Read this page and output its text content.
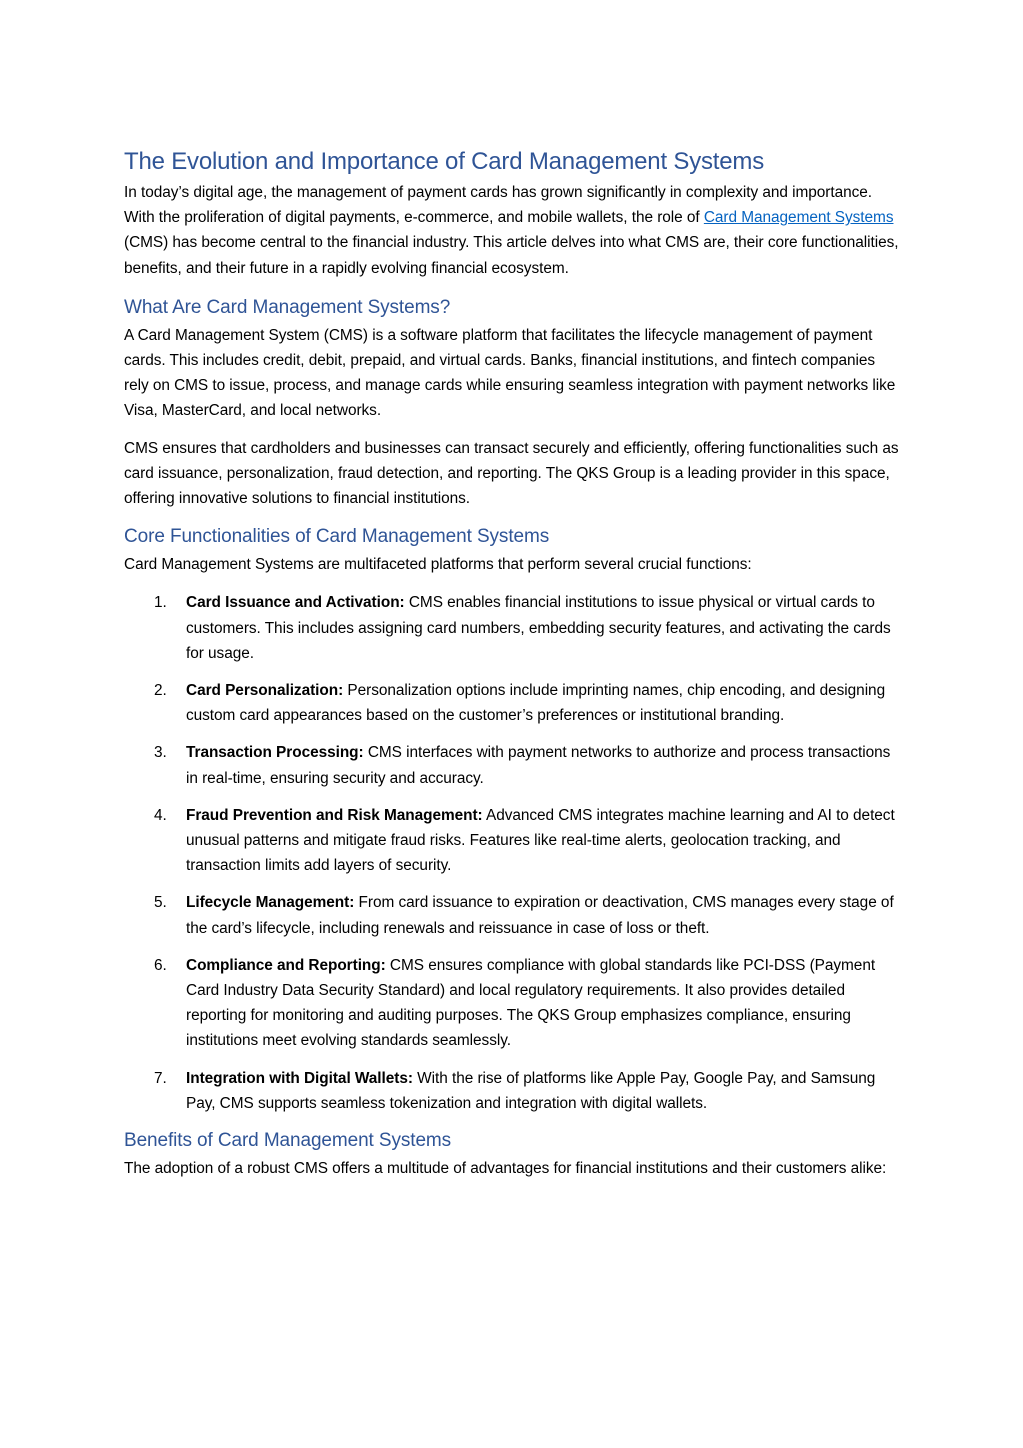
The Evolution and Importance of Card Management Systems

In today’s digital age, the management of payment cards has grown significantly in complexity and importance. With the proliferation of digital payments, e-commerce, and mobile wallets, the role of Card Management Systems (CMS) has become central to the financial industry. This article delves into what CMS are, their core functionalities, benefits, and their future in a rapidly evolving financial ecosystem.

What Are Card Management Systems?

A Card Management System (CMS) is a software platform that facilitates the lifecycle management of payment cards. This includes credit, debit, prepaid, and virtual cards. Banks, financial institutions, and fintech companies rely on CMS to issue, process, and manage cards while ensuring seamless integration with payment networks like Visa, MasterCard, and local networks.

CMS ensures that cardholders and businesses can transact securely and efficiently, offering functionalities such as card issuance, personalization, fraud detection, and reporting. The QKS Group is a leading provider in this space, offering innovative solutions to financial institutions.

Core Functionalities of Card Management Systems

Card Management Systems are multifaceted platforms that perform several crucial functions:

1.	Card Issuance and Activation: CMS enables financial institutions to issue physical or virtual cards to customers. This includes assigning card numbers, embedding security features, and activating the cards for usage.
2.	Card Personalization: Personalization options include imprinting names, chip encoding, and designing custom card appearances based on the customer’s preferences or institutional branding.
3.	Transaction Processing: CMS interfaces with payment networks to authorize and process transactions in real-time, ensuring security and accuracy.
4.	Fraud Prevention and Risk Management: Advanced CMS integrates machine learning and AI to detect unusual patterns and mitigate fraud risks. Features like real-time alerts, geolocation tracking, and transaction limits add layers of security.
5.	Lifecycle Management: From card issuance to expiration or deactivation, CMS manages every stage of the card’s lifecycle, including renewals and reissuance in case of loss or theft.
6.	Compliance and Reporting: CMS ensures compliance with global standards like PCI-DSS (Payment Card Industry Data Security Standard) and local regulatory requirements. It also provides detailed reporting for monitoring and auditing purposes. The QKS Group emphasizes compliance, ensuring institutions meet evolving standards seamlessly.
7.	Integration with Digital Wallets: With the rise of platforms like Apple Pay, Google Pay, and Samsung Pay, CMS supports seamless tokenization and integration with digital wallets.
Benefits of Card Management Systems

The adoption of a robust CMS offers a multitude of advantages for financial institutions and their customers alike:
